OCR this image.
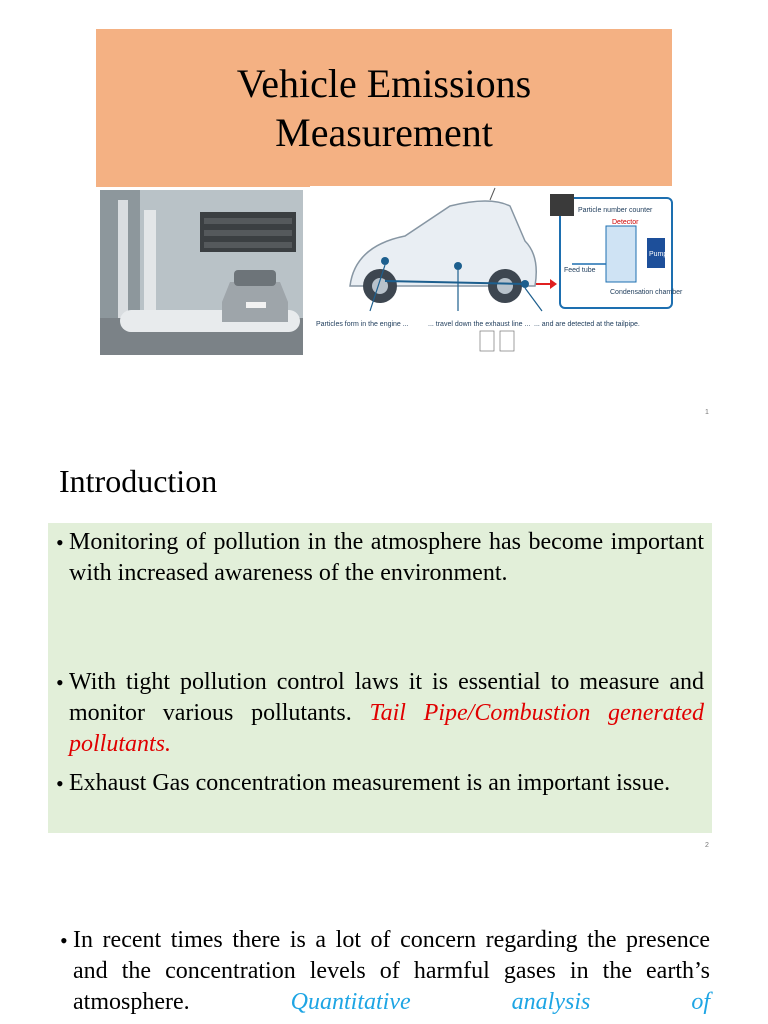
Vehicle Emissions
Measurement
Particle number counter
Detector
Pump
Feed tube
Condensation chamber
Particles form in the engine ...	... travel down the exhaust line ... ... and are detected at the tailpipe.
1
Introduction
• Monitoring of pollution in the atmosphere has become important with increased awareness of the environment.
• With tight pollution control laws it is essential to measure and monitor various pollutants. Tail Pipe/Combustion generated pollutants.
• Exhaust Gas concentration measurement is an important issue.
2
• In recent times there is a lot of concern regarding the presence and the concentration levels of harmful gases in the earth’s atmosphere.	Quantitative analysis of
